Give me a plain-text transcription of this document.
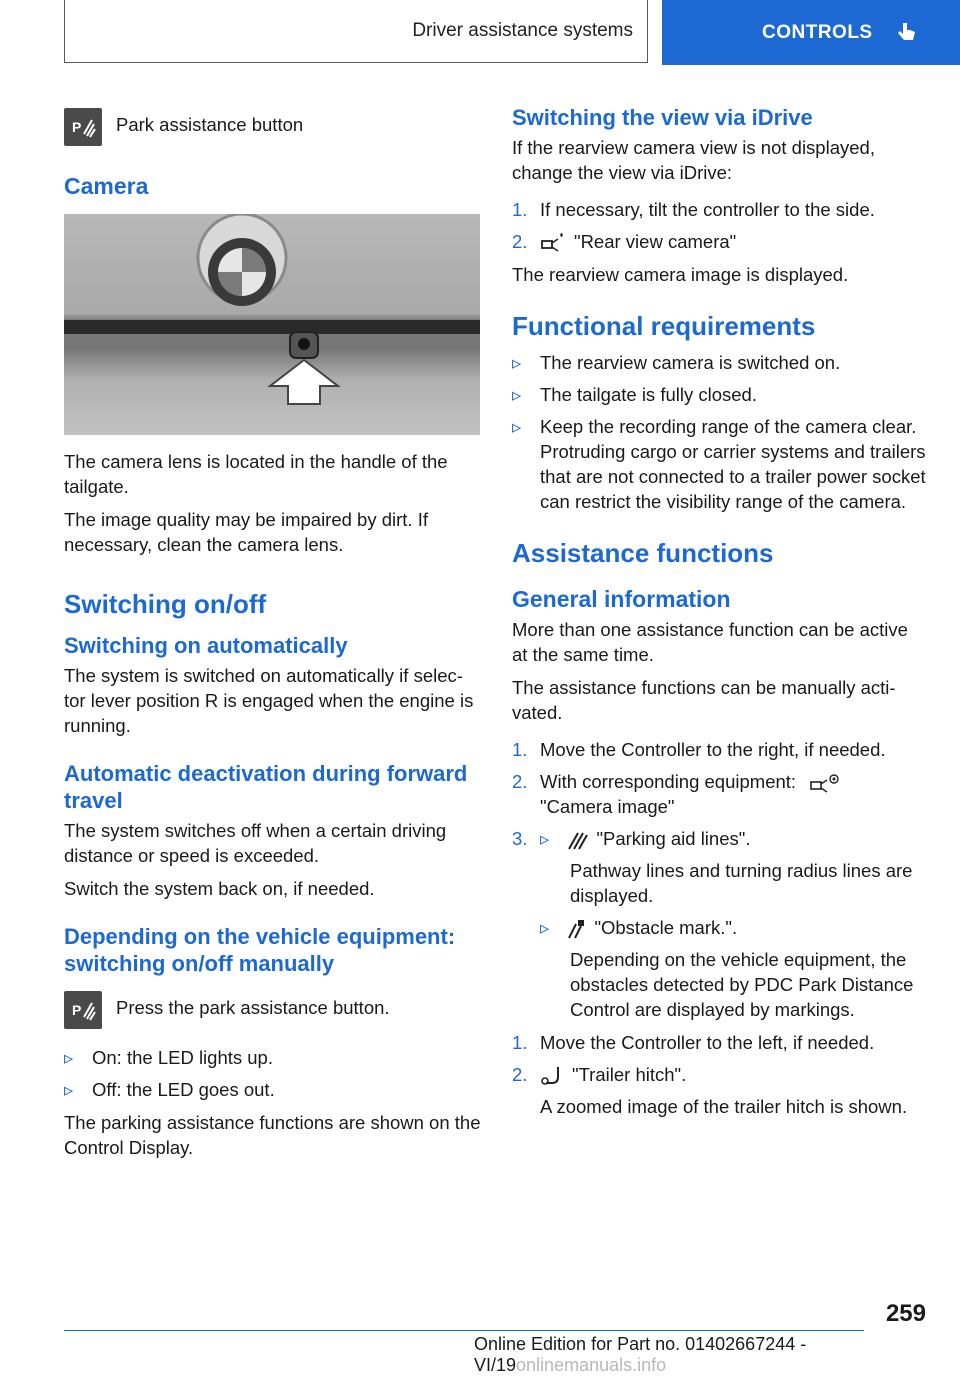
Driver assistance systems	CONTROLS
P Park assistance button

Camera

The camera lens is located in the handle of the tailgate.

The image quality may be impaired by dirt. If necessary, clean the camera lens.

Switching on/off
Switching on automatically

The system is switched on automatically if selec‐tor lever position R is engaged when the engine is running.

Automatic deactivation during forward travel

The system switches off when a certain driving distance or speed is exceeded.

Switch the system back on, if needed.

Depending on the vehicle equipment: switching on/off manually
P Press the park assistance button.

▹ On: the LED lights up.
▹ Off: the LED goes out.

The parking assistance functions are shown on the Control Display.

Switching the view via iDrive

If the rearview camera view is not displayed, change the view via iDrive:

1. If necessary, tilt the controller to the side.
2.	"Rear view camera"

The rearview camera image is displayed.

Functional requirements
▹ The rearview camera is switched on.
▹ The tailgate is fully closed.
▹ Keep the recording range of the camera clear. Protruding cargo or carrier systems and trailers that are not connected to a trailer power socket can restrict the visibility range of the camera.
Assistance functions
General information

More than one assistance function can be active at the same time.

The assistance functions can be manually acti‐vated.

1. Move the Controller to the right, if needed.
2. With corresponding equipment:
"Camera image"
3. ▹	"Parking aid lines".
Pathway lines and turning radius lines are displayed.
▹ "Obstacle mark.".
Depending on the vehicle equipment, the obstacles detected by PDC Park Distance Control are displayed by markings.
1. Move the Controller to the left, if needed.
2. "Trailer hitch".
A zoomed image of the trailer hitch is shown.
259
Online Edition for Part no. 01402667244 - VI/19onlinemanuals.info
